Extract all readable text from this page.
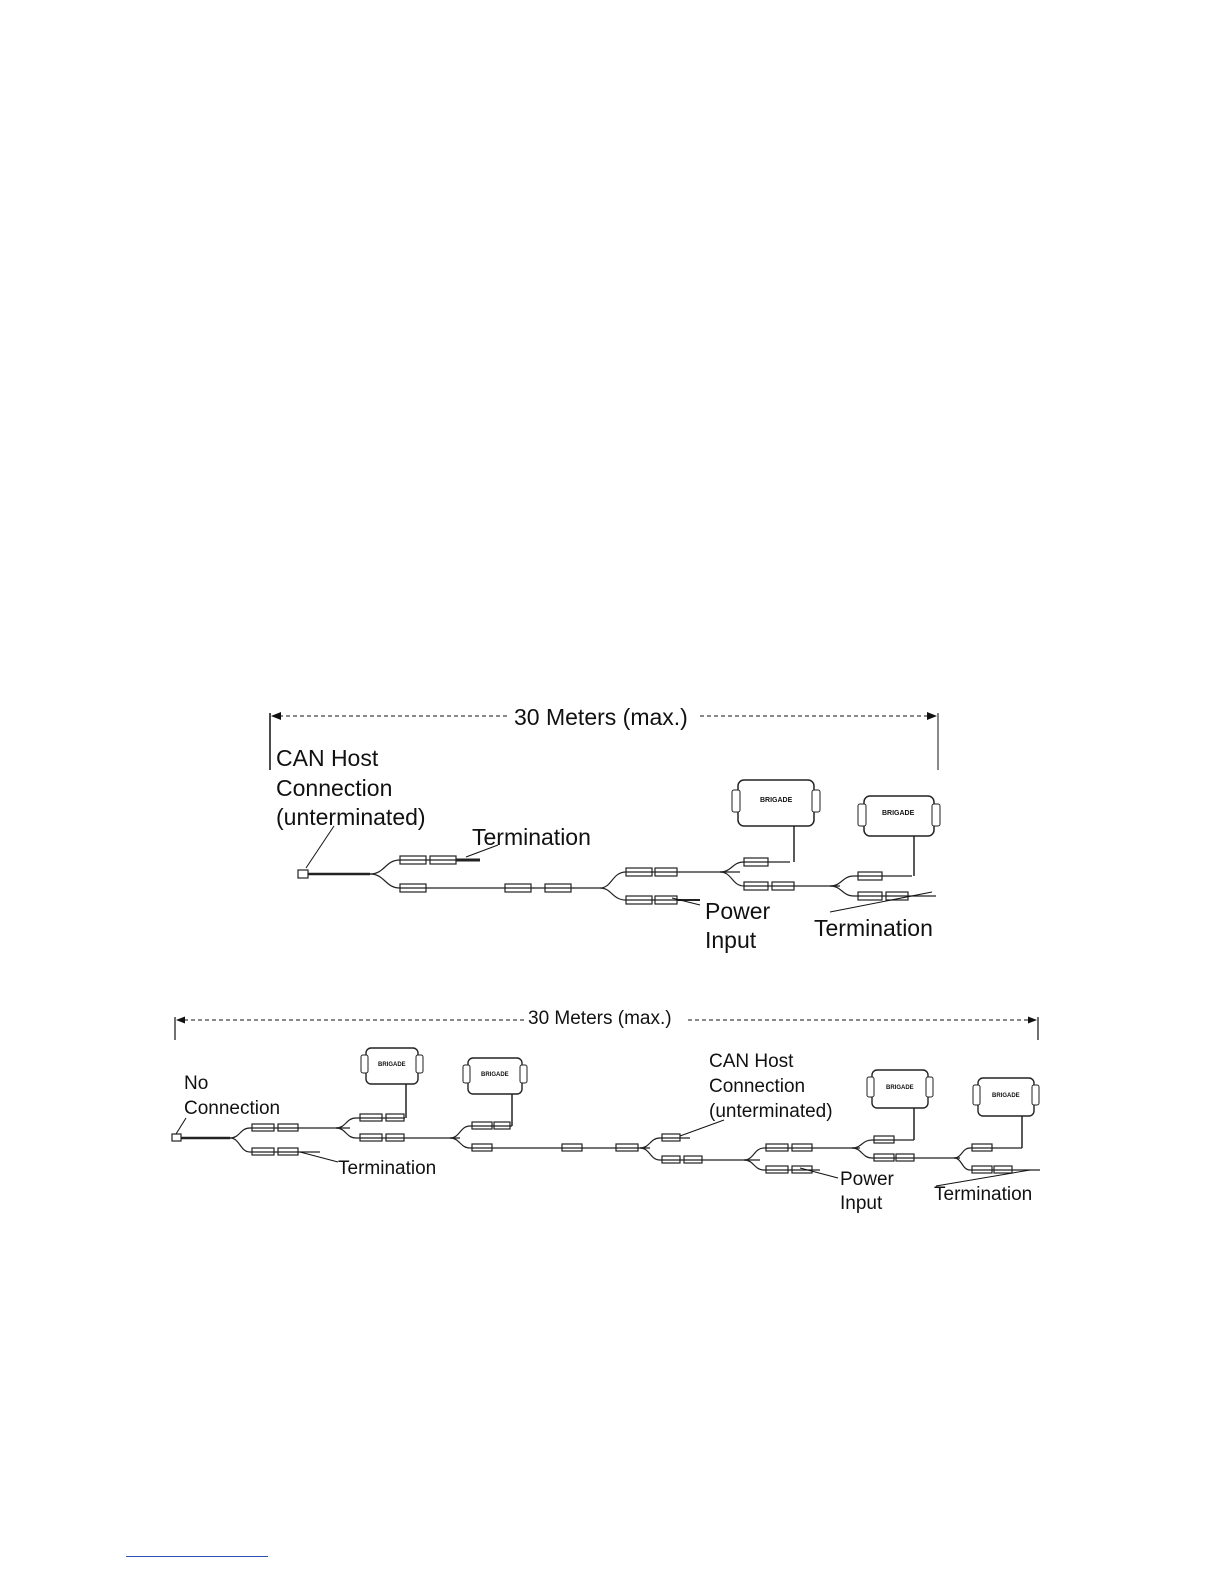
30 Meters (max.)
CAN Host
Connection
(unterminated)
Termination
Power
Input	Termination
BRIGADE
BRIGADE
30 Meters (max.)
No
Connection
Termination
CAN Host
Connection
(unterminated)
Power
Input	Termination
BRIGADE
BRIGADE
BRIGADE
BRIGADE
